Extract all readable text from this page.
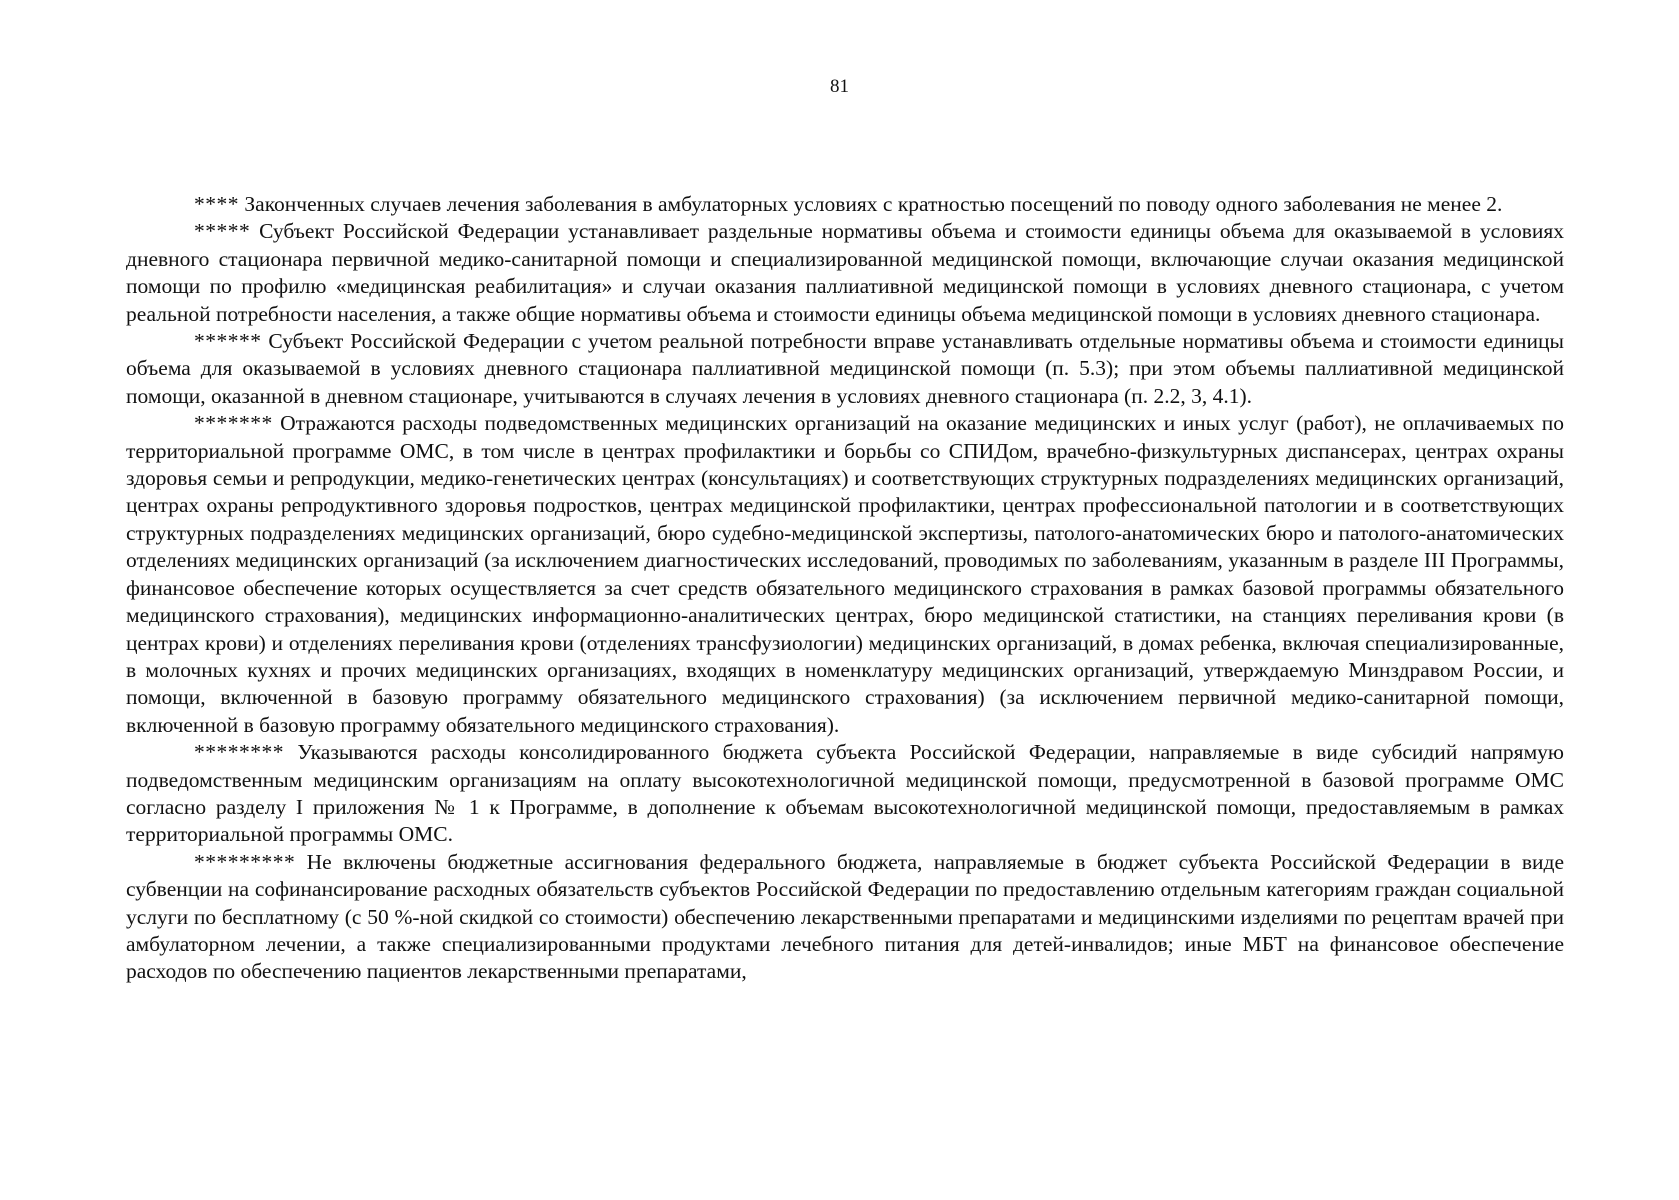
81

**** Законченных случаев лечения заболевания в амбулаторных условиях с кратностью посещений по поводу одного заболевания не менее 2.

***** Субъект Российской Федерации устанавливает раздельные нормативы объема и стоимости единицы объема для оказываемой в условиях дневного стационара первичной медико-санитарной помощи и специализированной медицинской помощи, включающие случаи оказания медицинской помощи по профилю «медицинская реабилитация» и случаи оказания паллиативной медицинской помощи в условиях дневного стационара, с учетом реальной потребности населения, а также общие нормативы объема и стоимости единицы объема медицинской помощи в условиях дневного стационара.

****** Субъект Российской Федерации с учетом реальной потребности вправе устанавливать отдельные нормативы объема и стоимости единицы объема для оказываемой в условиях дневного стационара паллиативной медицинской помощи (п. 5.3); при этом объемы паллиативной медицинской помощи, оказанной в дневном стационаре, учитываются в случаях лечения в условиях дневного стационара (п. 2.2, 3, 4.1).

******* Отражаются расходы подведомственных медицинских организаций на оказание медицинских и иных услуг (работ), не оплачиваемых по территориальной программе ОМС, в том числе в центрах профилактики и борьбы со СПИДом, врачебно-физкультурных диспансерах, центрах охраны здоровья семьи и репродукции, медико-генетических центрах (консультациях) и соответствующих структурных подразделениях медицинских организаций, центрах охраны репродуктивного здоровья подростков, центрах медицинской профилактики, центрах профессиональной патологии и в соответствующих структурных подразделениях медицинских организаций, бюро судебно-медицинской экспертизы, патолого-анатомических бюро и патолого-анатомических отделениях медицинских организаций (за исключением диагностических исследований, проводимых по заболеваниям, указанным в разделе III Программы, финансовое обеспечение которых осуществляется за счет средств обязательного медицинского страхования в рамках базовой программы обязательного медицинского страхования), медицинских информационно-аналитических центрах, бюро медицинской статистики, на станциях переливания крови (в центрах крови) и отделениях переливания крови (отделениях трансфузиологии) медицинских организаций, в домах ребенка, включая специализированные, в молочных кухнях и прочих медицинских организациях, входящих в номенклатуру медицинских организаций, утверждаемую Минздравом России, и помощи, включенной в базовую программу обязательного медицинского страхования) (за исключением первичной медико-санитарной помощи, включенной в базовую программу обязательного медицинского страхования).

******** Указываются расходы консолидированного бюджета субъекта Российской Федерации, направляемые в виде субсидий напрямую подведомственным медицинским организациям на оплату высокотехнологичной медицинской помощи, предусмотренной в базовой программе ОМС согласно разделу I приложения № 1 к Программе, в дополнение к объемам высокотехнологичной медицинской помощи, предоставляемым в рамках территориальной программы ОМС.

********* Не включены бюджетные ассигнования федерального бюджета, направляемые в бюджет субъекта Российской Федерации в виде субвенции на софинансирование расходных обязательств субъектов Российской Федерации по предоставлению отдельным категориям граждан социальной услуги по бесплатному (с 50 %-ной скидкой со стоимости) обеспечению лекарственными препаратами и медицинскими изделиями по рецептам врачей при амбулаторном лечении, а также специализированными продуктами лечебного питания для детей-инвалидов; иные МБТ на финансовое обеспечение расходов по обеспечению пациентов лекарственными препаратами,
